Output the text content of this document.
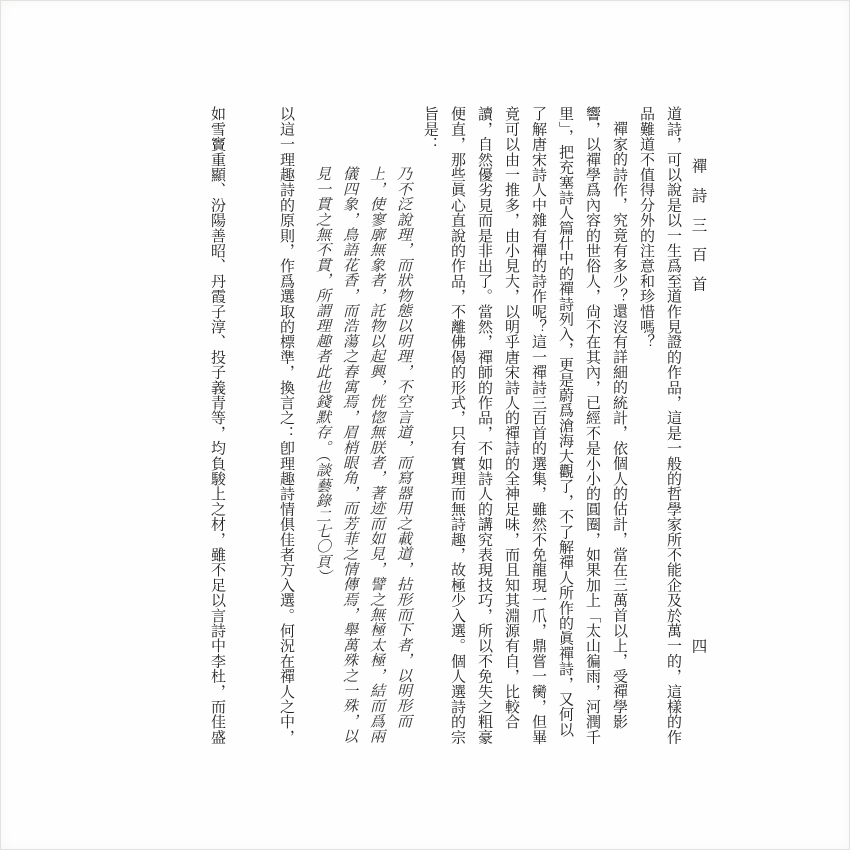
禪詩三百首
四
道詩，可以說是以一生爲至道作見證的作品，這是一般的哲學家所不能企及於萬一的，這樣的作
品難道不值得分外的注意和珍惜嗎？
禪家的詩作，究竟有多少？還沒有詳細的統計，依個人的估計，當在三萬首以上，受禪學影
響，以禪學爲內容的世俗人，尙不在其內，已經不是小小的圓圈，如果加上「太山徧雨，河潤千
里」，把充塞詩人篇什中的禪詩列入，更是蔚爲滄海大觀了，不了解禪人所作的眞禪詩，又何以
了解唐宋詩人中雜有禪的詩作呢？這一禪詩三百首的選集，雖然不免龍現一爪，鼎嘗一臠，但畢
竟可以由一推多，由小見大，以明乎唐宋詩人的禪詩的全神足味，而且知其淵源有自，比較合
讀，自然優劣見而是非出了。當然，禪師的作品，不如詩人的講究表現技巧，所以不免失之粗豪
便直，那些眞心直說的作品，不離佛偈的形式，只有實理而無詩趣，故極少入選。個人選詩的宗
旨是：
乃不泛說理，而狀物態以明理，不空言道，而寫器用之載道，拈形而下者，以明形而
上，使寥廓無象者，託物以起興，恍惚無朕者，著迹而如見，譬之無極太極，結而爲兩
儀四象，鳥語花香，而浩蕩之春寓焉，眉梢眼角，而芳菲之情傳焉，舉萬殊之一殊，以
見一貫之無不貫，所謂理趣者此也錢默存。（談藝錄二七〇頁）
以這一理趣詩的原則，作爲選取的標準，換言之：卽理趣詩情俱佳者方入選。何況在禪人之中，
如雪竇重顯、汾陽善昭、丹霞子淳、投子義青等，均負駿上之材，雖不足以言詩中李杜，而佳盛
